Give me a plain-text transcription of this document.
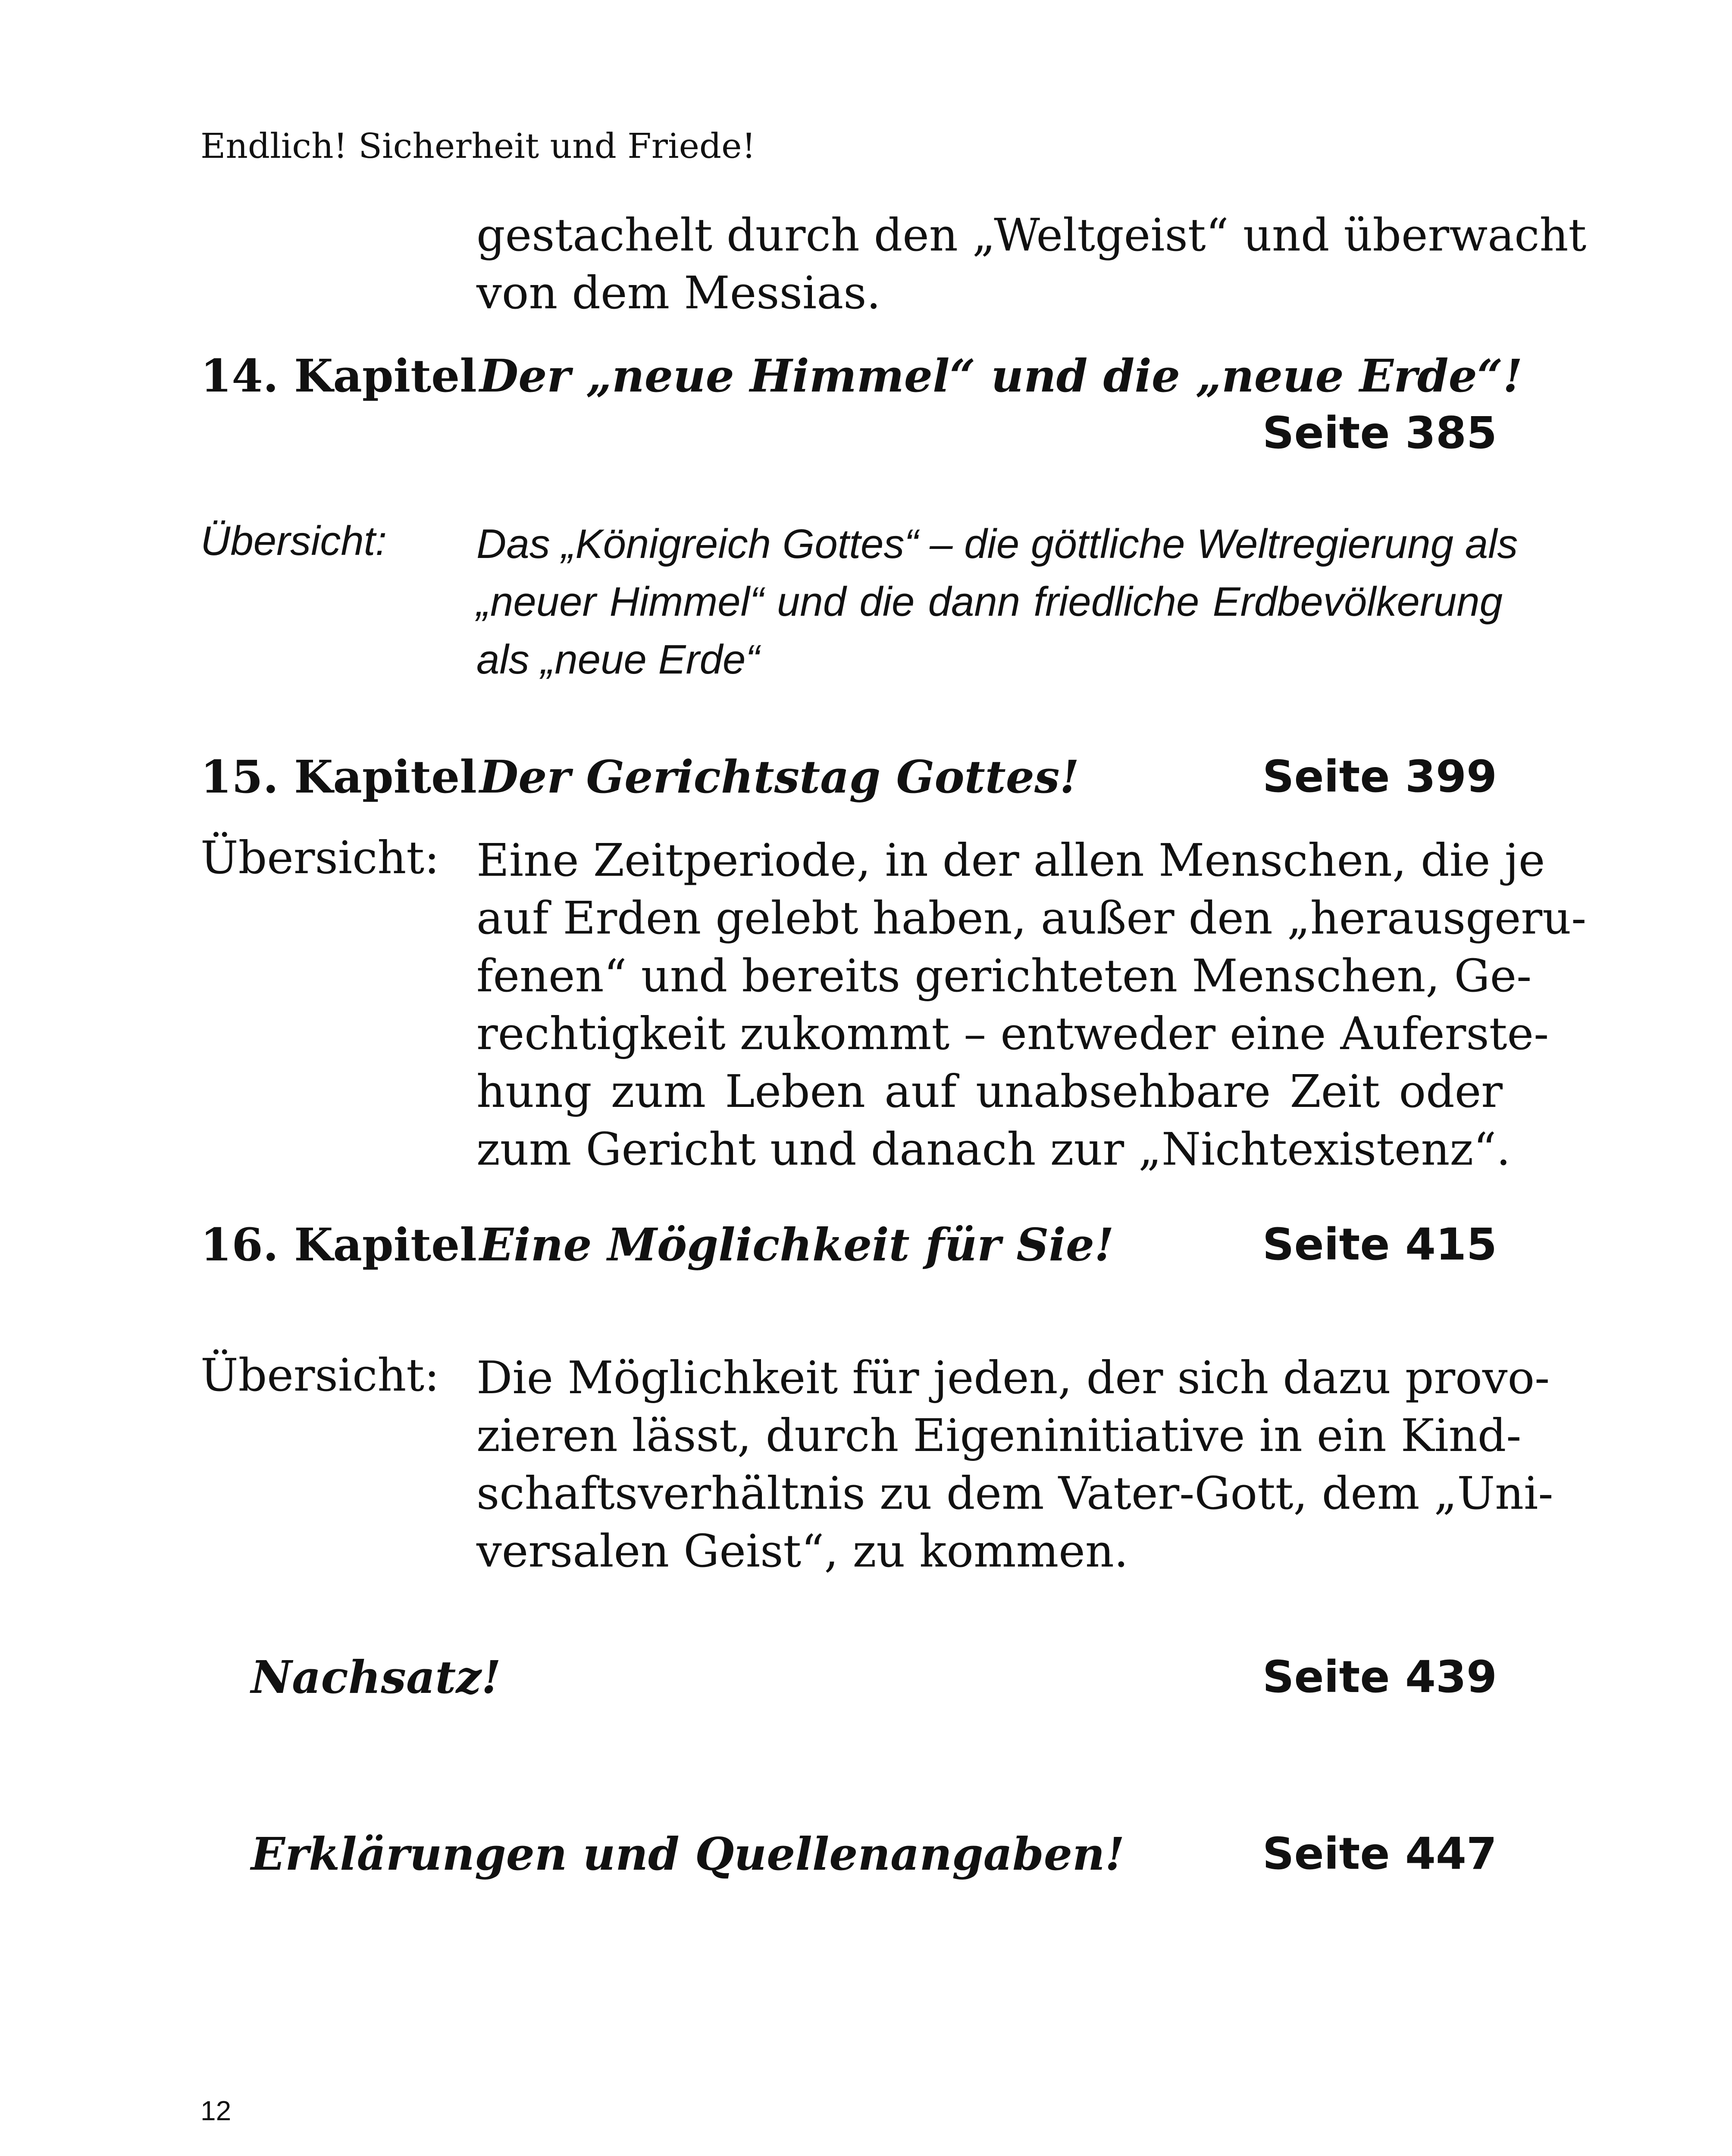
Endlich! Sicherheit und Friede!
gestachelt durch den „Weltgeist“ und überwacht
von dem Messias.
14. Kapitel Der „neue Himmel“ und die „neue Erde“!
Seite 385
Übersicht: Das „Königreich Gottes“ – die göttliche Weltregierung als
„neuer Himmel“ und die dann friedliche Erdbevölkerung
als „neue Erde“
15. Kapitel Der Gerichtstag Gottes!	Seite 399
Übersicht: Eine Zeitperiode, in der allen Menschen, die je
auf Erden gelebt haben, außer den „herausgeru-
fenen“ und bereits gerichteten Menschen, Ge-
rechtigkeit zukommt – entweder eine Auferste-
hung zum Leben auf unabsehbare Zeit oder
zum Gericht und danach zur „Nichtexistenz“.
16. Kapitel Eine Möglichkeit für Sie!	Seite 415
Übersicht: Die Möglichkeit für jeden, der sich dazu provo-
zieren lässt, durch Eigeninitiative in ein Kind-
schaftsverhältnis zu dem Vater-Gott, dem „Uni-
versalen Geist“, zu kommen.
Nachsatz!	Seite 439
Erklärungen und Quellenangaben!	Seite 447
12
